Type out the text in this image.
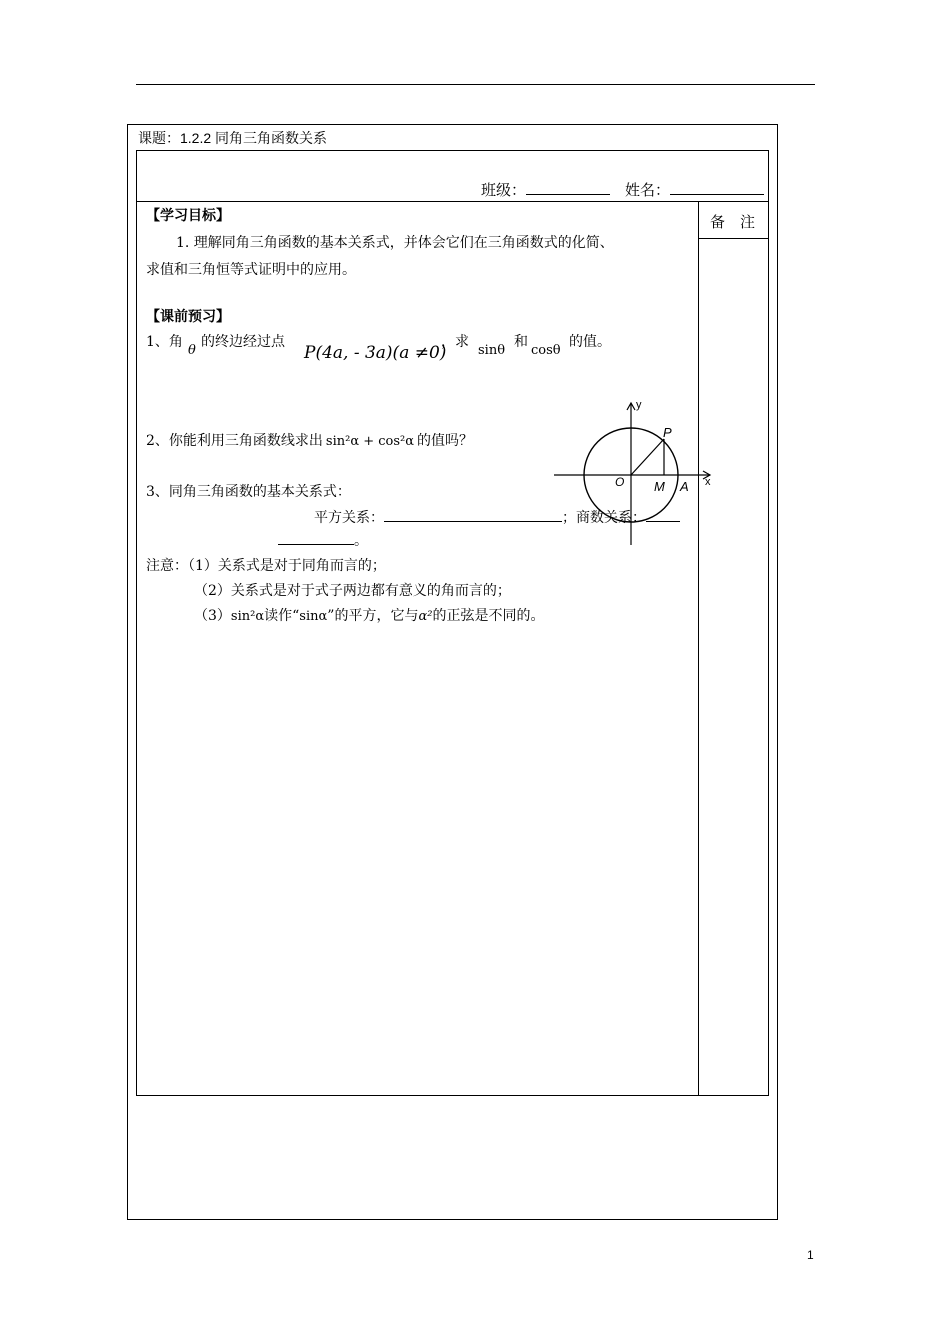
课题：1.2.2 同角三角函数关系
备　注
班级：	姓名：
【学习目标】
1. 理解同角三角函数的基本关系式，并体会它们在三角函数式的化简、
求值和三角恒等式证明中的应用。
【课前预习】
1、角
θ
的终边经过点
P(4a, - 3a)(a ≠0)
，求
sinθ
和
cosθ
的值。
2、你能利用三角函数线求出 sin²α + cos²α 的值吗？
3、同角三角函数的基本关系式：
平方关系：	；商数关系：
。
注意：（1）关系式是对于同角而言的；
（2）关系式是对于式子两边都有意义的角而言的；
（3）sin²α读作“sinα”的平方，它与α²的正弦是不同的。
y
x
P
O M A
1
